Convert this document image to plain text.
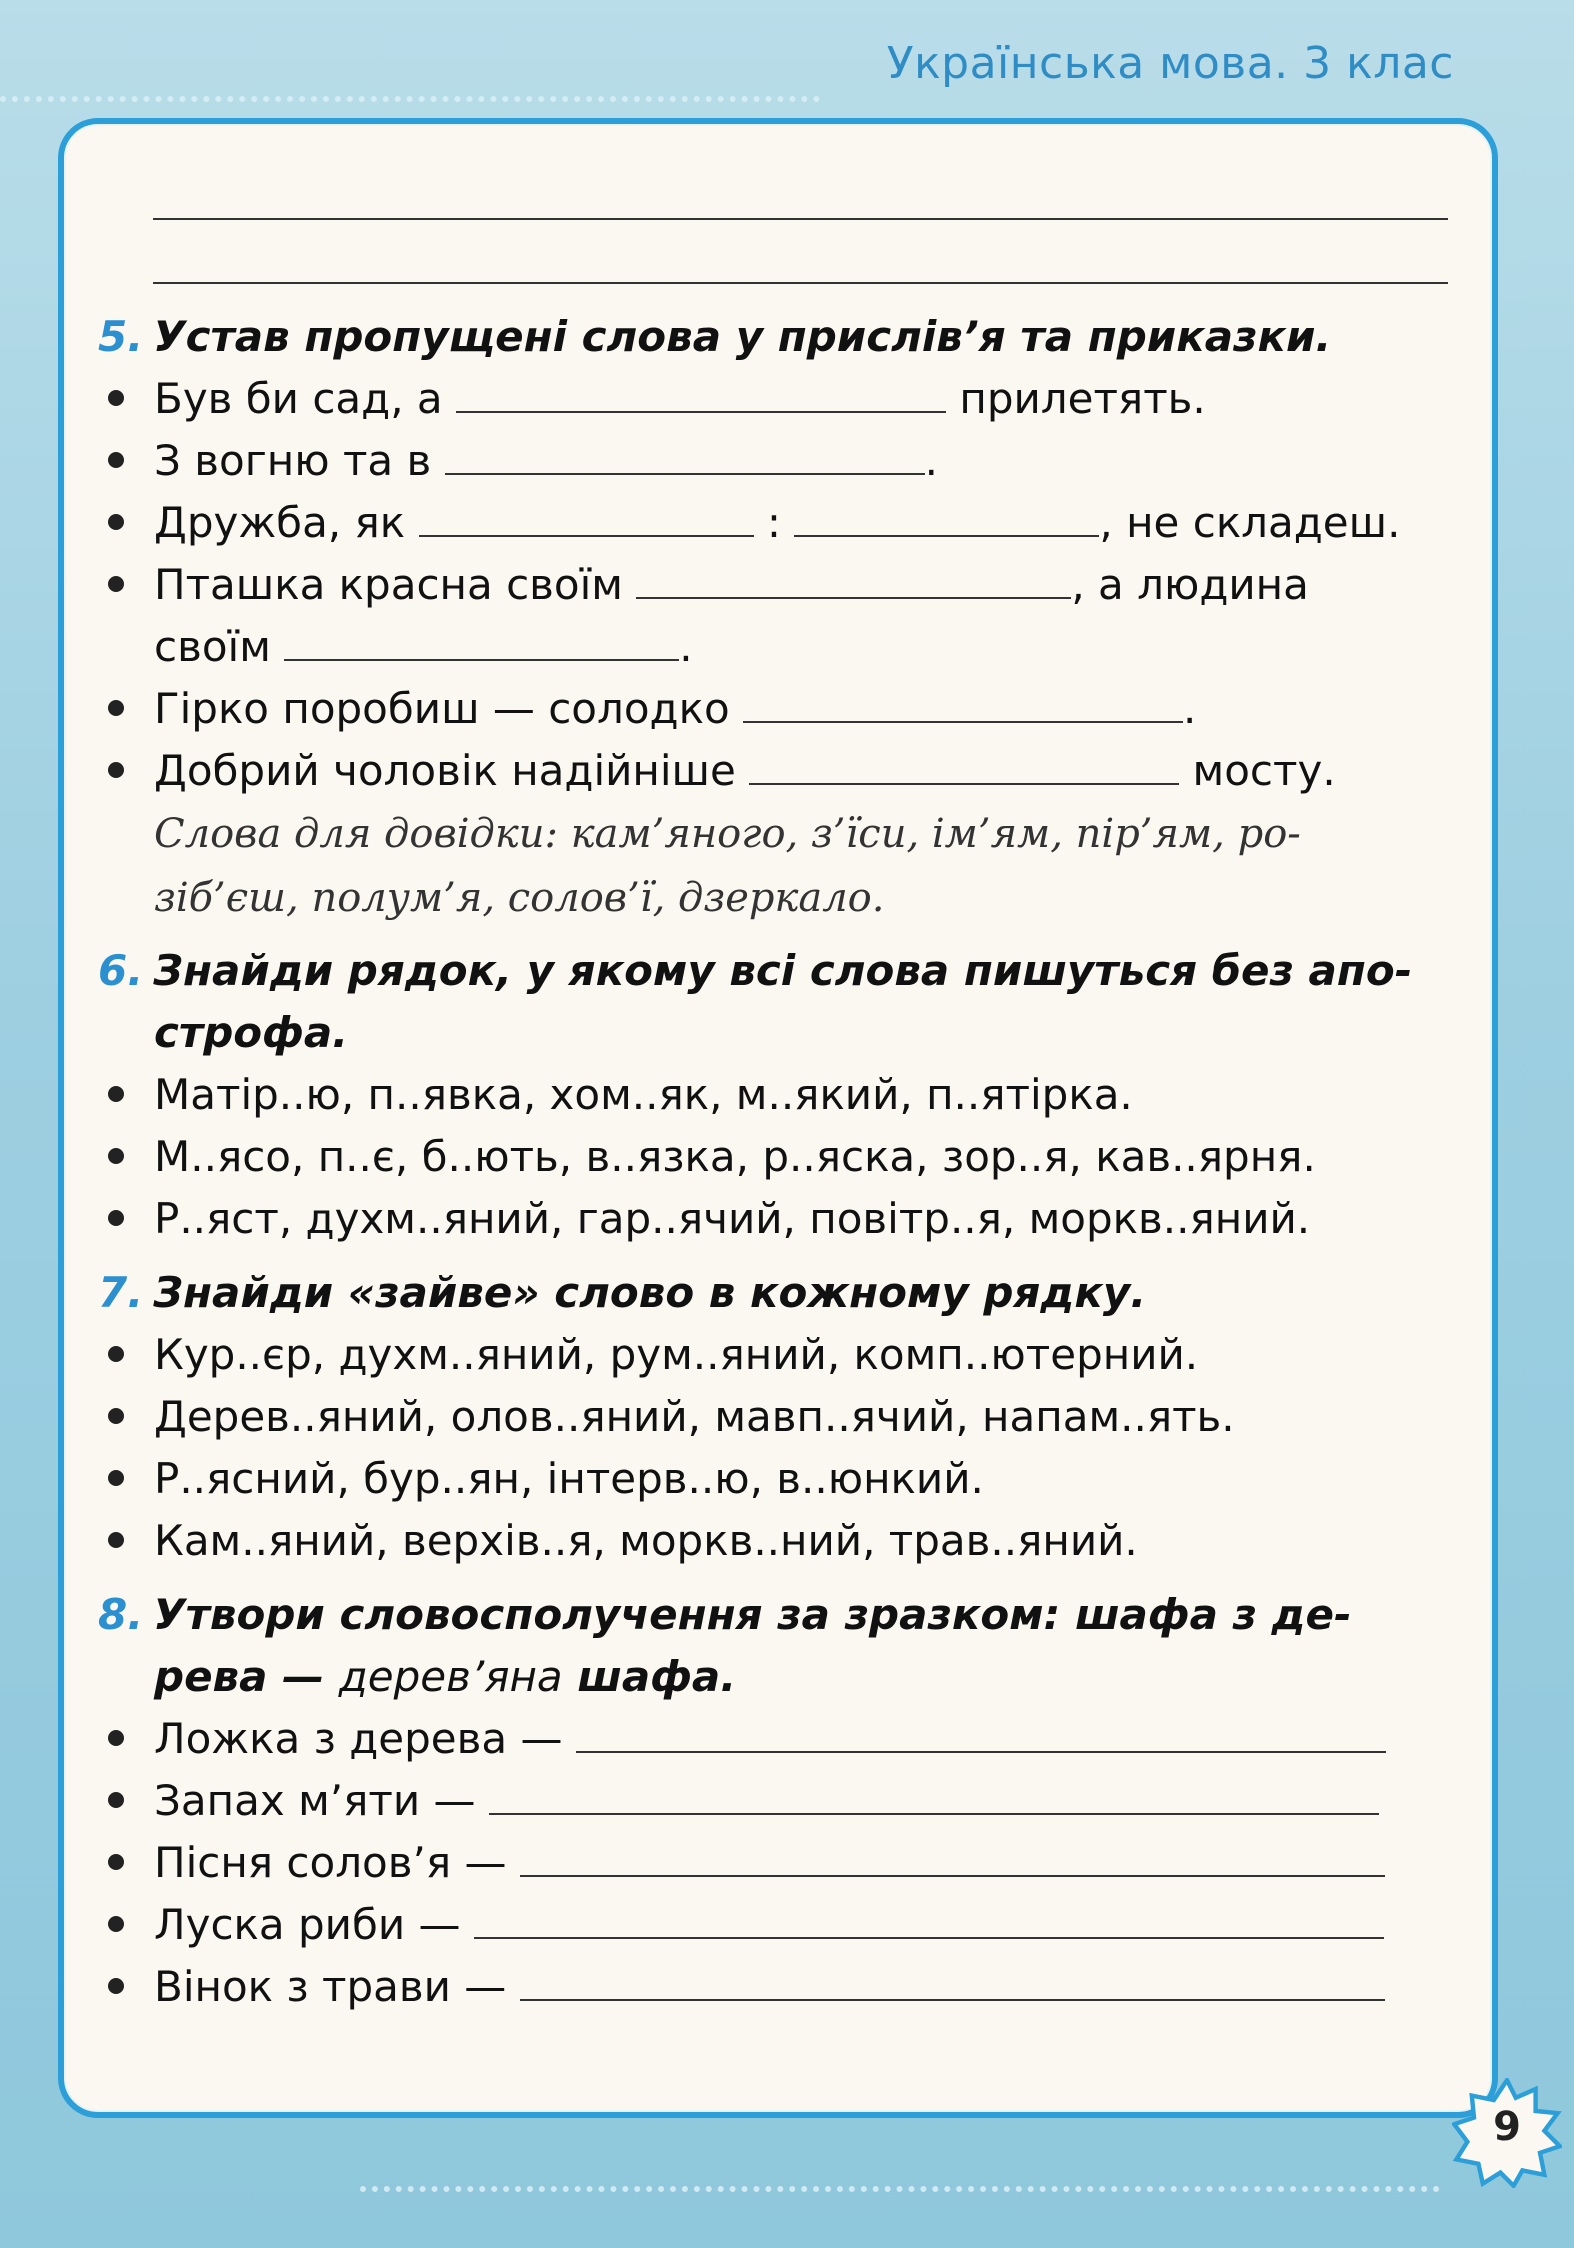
Українська мова. 3 клас

5. Устав пропущені слова у прислів’я та приказки.

Був би сад, а	прилетять.
З вогню та в	.
Дружба, як	:	, не складеш.
Пташка красна своїм	, а людина
своїм	.
Гірко поробиш — солодко	.
Добрий чоловік надійніше	мосту.
Слова для довідки: кам’яного, з’їси, ім’ям, пір’ям, ро-
зіб’єш, полум’я, солов’ї, дзеркало.

6. Знайди рядок, у якому всі слова пишуться без апо-

строфа.

Матір..ю, п..явка, хом..як, м..який, п..ятірка.
М..ясо, п..є, б..ють, в..язка, р..яска, зор..я, кав..ярня.
Р..яст, духм..яний, гар..ячий, повітр..я, моркв..яний.

7. Знайди «зайве» слово в кожному рядку.

Кур..єр, духм..яний, рум..яний, комп..ютерний.
Дерев..яний, олов..яний, мавп..ячий, напам..ять.
Р..ясний, бур..ян, інтерв..ю, в..юнкий.
Кам..яний, верхів..я, моркв..ний, трав..яний.

8. Утвори словосполучення за зразком: шафа з де-

рева — дерев’яна шафа.

Ложка з дерева —
Запах м’яти —
Пісня солов’я —
Луска риби —
Вінок з трави —
9
